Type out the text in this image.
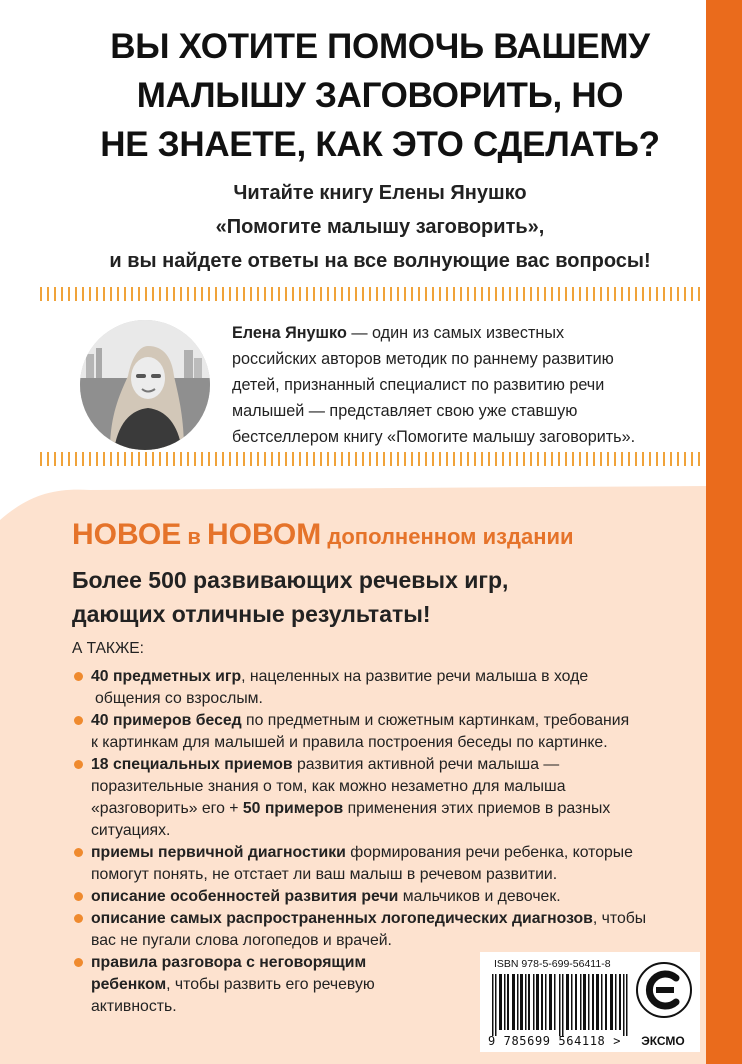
ВЫ ХОТИТЕ ПОМОЧЬ ВАШЕМУ
МАЛЫШУ ЗАГОВОРИТЬ, НО
НЕ ЗНАЕТЕ, КАК ЭТО СДЕЛАТЬ?
Читайте книгу Елены Янушко
«Помогите малышу заговорить»,
и вы найдете ответы на все волнующие вас вопросы!
Елена Янушко — один из самых известных
российских авторов методик по раннему развитию
детей, признанный специалист по развитию речи
малышей — представляет свою уже ставшую
бестселлером книгу «Помогите малышу заговорить».
НОВОЕ в НОВОМ дополненном издании
Более 500 развивающих речевых игр,
дающих отличные результаты!
А ТАКЖЕ:
40 предметных игр, нацеленных на развитие речи малыша в ходе
общения со взрослым.
40 примеров бесед по предметным и сюжетным картинкам, требования
к картинкам для малышей и правила построения беседы по картинке.
18 специальных приемов развития активной речи малыша —
поразительные знания о том, как можно незаметно для малыша
«разговорить» его + 50 примеров применения этих приемов в разных
ситуациях.
приемы первичной диагностики формирования речи ребенка, которые
помогут понять, не отстает ли ваш малыш в речевом развитии.
описание особенностей развития речи мальчиков и девочек.
описание самых распространенных логопедических диагнозов, чтобы
вас не пугали слова логопедов и врачей.
правила разговора с неговорящим
ребенком, чтобы развить его речевую
активность.
ISBN 978-5-699-56411-8
9 785699 564118 >	ЭКСМО
